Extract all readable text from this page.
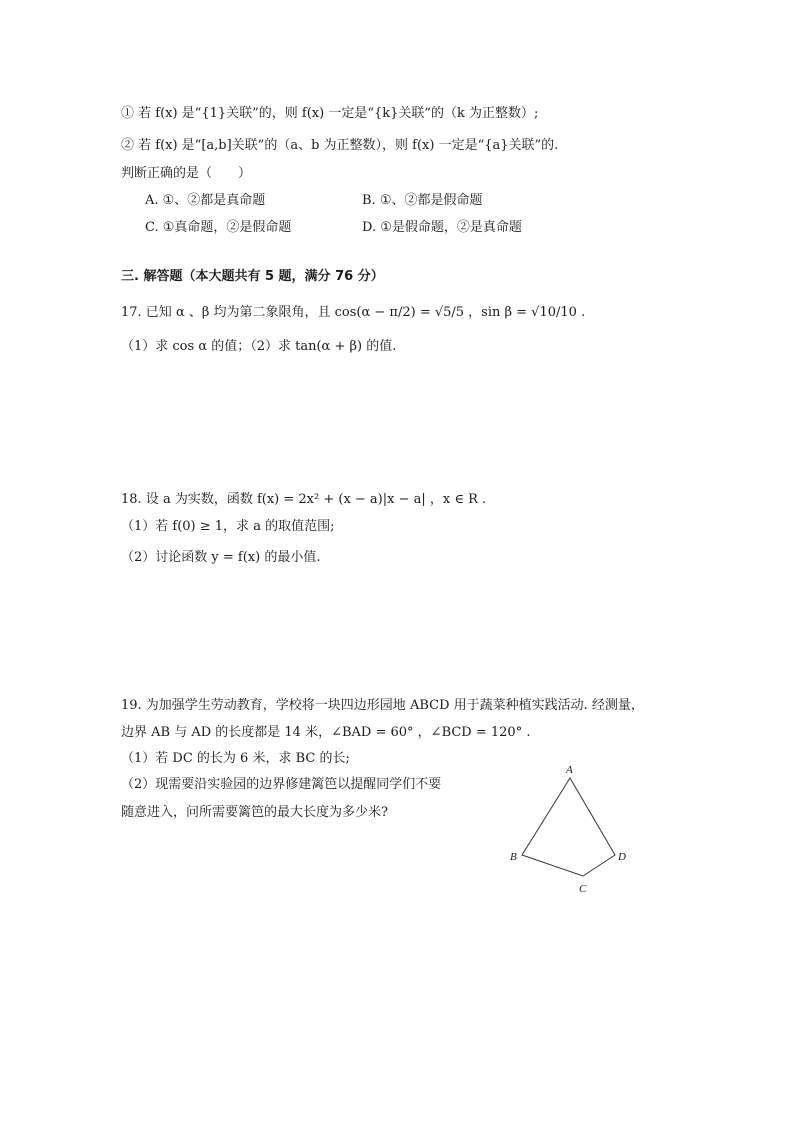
① 若 f(x) 是“{1}关联”的，则 f(x) 一定是“{k}关联”的（k 为正整数）;
② 若 f(x) 是“[a,b]关联”的（a、b 为正整数），则 f(x) 一定是“{a}关联”的.
判断正确的是（　　）
A. ①、②都是真命题	B. ①、②都是假命题
C. ①真命题，②是假命题	D. ①是假命题，②是真命题
三. 解答题（本大题共有 5 题，满分 76 分）
17. 已知 α 、β 均为第二象限角，且 cos(α − π/2) = √5/5 ，sin β = √10/10 .
（1）求 cos α 的值；（2）求 tan(α + β) 的值.
18. 设 a 为实数，函数 f(x) = 2x² + (x − a)|x − a| ，x ∈ R .
（1）若 f(0) ≥ 1，求 a 的取值范围;
（2）讨论函数 y = f(x) 的最小值.
19. 为加强学生劳动教育，学校将一块四边形园地 ABCD 用于蔬菜种植实践活动. 经测量，
边界 AB 与 AD 的长度都是 14 米，∠BAD = 60° ，∠BCD = 120° .
（1）若 DC 的长为 6 米，求 BC 的长;
（2）现需要沿实验园的边界修建篱笆以提醒同学们不要
随意进入，问所需要篱笆的最大长度为多少米?
A
B
C
D
